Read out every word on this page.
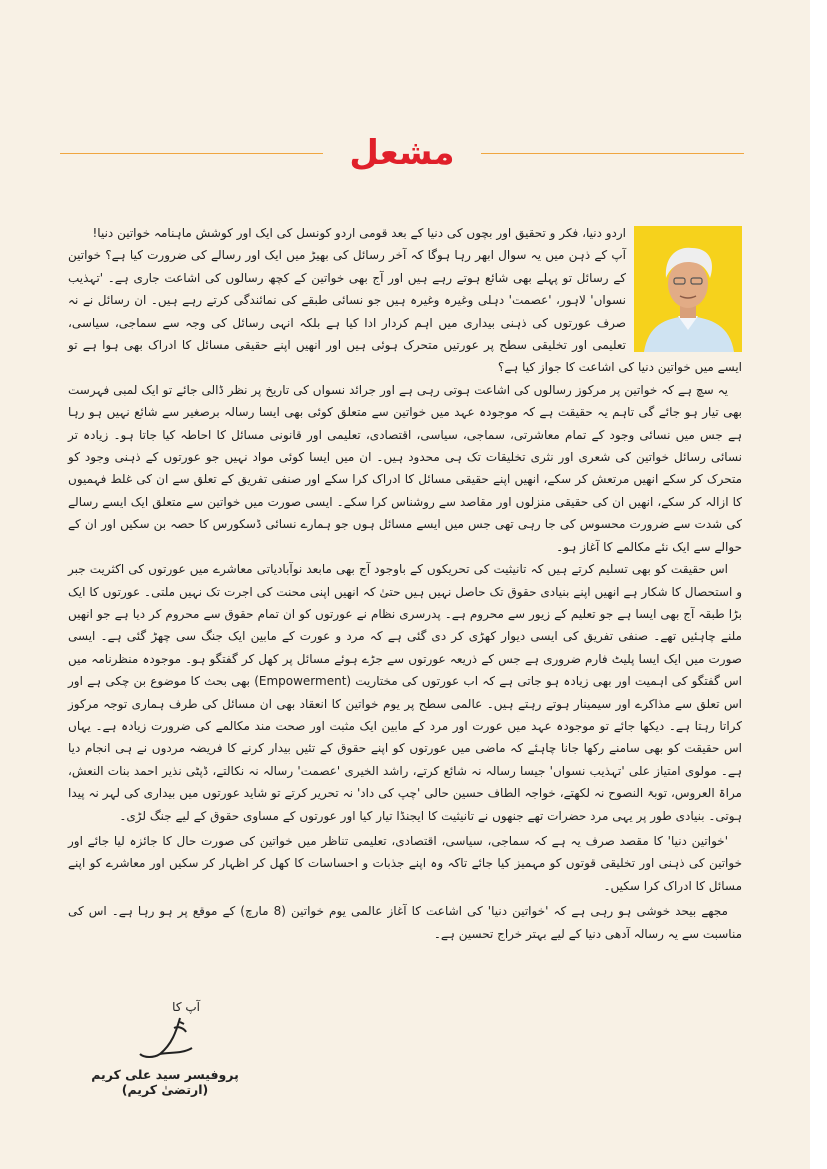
مشعل

اردو دنیا، فکر و تحقیق اور بچوں کی دنیا کے بعد قومی اردو کونسل کی ایک اور کوشش ماہنامہ خواتین دنیا!

آپ کے ذہن میں یہ سوال ابھر رہا ہوگا کہ آخر رسائل کی بھیڑ میں ایک اور رسالے کی ضرورت کیا ہے؟ خواتین کے رسائل تو پہلے بھی شائع ہوتے رہے ہیں اور آج بھی خواتین کے کچھ رسالوں کی اشاعت جاری ہے۔ 'تہذیب نسواں' لاہور، 'عصمت' دہلی وغیرہ وغیرہ ہیں جو نسائی طبقے کی نمائندگی کرتے رہے ہیں۔ ان رسائل نے نہ صرف عورتوں کی ذہنی بیداری میں اہم کردار ادا کیا ہے بلکہ انہی رسائل کی وجہ سے سماجی، سیاسی، تعلیمی اور تخلیقی سطح پر عورتیں متحرک ہوئی ہیں اور انھیں اپنے حقیقی مسائل کا ادراک بھی ہوا ہے تو ایسے میں خواتین دنیا کی اشاعت کا جواز کیا ہے؟

یہ سچ ہے کہ خواتین پر مرکوز رسالوں کی اشاعت ہوتی رہی ہے اور جرائد نسواں کی تاریخ پر نظر ڈالی جائے تو ایک لمبی فہرست بھی تیار ہو جائے گی تاہم یہ حقیقت ہے کہ موجودہ عہد میں خواتین سے متعلق کوئی بھی ایسا رسالہ برصغیر سے شائع نہیں ہو رہا ہے جس میں نسائی وجود کے تمام معاشرتی، سماجی، سیاسی، اقتصادی، تعلیمی اور قانونی مسائل کا احاطہ کیا جاتا ہو۔ زیادہ تر نسائی رسائل خواتین کی شعری اور نثری تخلیقات تک ہی محدود ہیں۔ ان میں ایسا کوئی مواد نہیں جو عورتوں کے ذہنی وجود کو متحرک کر سکے انھیں مرتعش کر سکے، انھیں اپنے حقیقی مسائل کا ادراک کرا سکے اور صنفی تفریق کے تعلق سے ان کی غلط فہمیوں کا ازالہ کر سکے، انھیں ان کی حقیقی منزلوں اور مقاصد سے روشناس کرا سکے۔ ایسی صورت میں خواتین سے متعلق ایک ایسے رسالے کی شدت سے ضرورت محسوس کی جا رہی تھی جس میں ایسے مسائل ہوں جو ہمارے نسائی ڈسکورس کا حصہ بن سکیں اور ان کے حوالے سے ایک نئے مکالمے کا آغاز ہو۔

اس حقیقت کو بھی تسلیم کرتے ہیں کہ تانیثیت کی تحریکوں کے باوجود آج بھی مابعد نوآبادیاتی معاشرے میں عورتوں کی اکثریت جبر و استحصال کا شکار ہے انھیں اپنے بنیادی حقوق تک حاصل نہیں ہیں حتیٰ کہ انھیں اپنی محنت کی اجرت تک نہیں ملتی۔ عورتوں کا ایک بڑا طبقہ آج بھی ایسا ہے جو تعلیم کے زیور سے محروم ہے۔ پدرسری نظام نے عورتوں کو ان تمام حقوق سے محروم کر دیا ہے جو انھیں ملنے چاہئیں تھے۔ صنفی تفریق کی ایسی دیوار کھڑی کر دی گئی ہے کہ مرد و عورت کے مابین ایک جنگ سی چھڑ گئی ہے۔ ایسی صورت میں ایک ایسا پلیٹ فارم ضروری ہے جس کے ذریعہ عورتوں سے جڑے ہوئے مسائل پر کھل کر گفتگو ہو۔ موجودہ منظرنامہ میں اس گفتگو کی اہمیت اور بھی زیادہ ہو جاتی ہے کہ اب عورتوں کی مختاریت (Empowerment) بھی بحث کا موضوع بن چکی ہے اور اس تعلق سے مذاکرے اور سیمینار ہوتے رہتے ہیں۔ عالمی سطح پر یوم خواتین کا انعقاد بھی ان مسائل کی طرف ہماری توجہ مرکوز کراتا رہتا ہے۔ دیکھا جائے تو موجودہ عہد میں عورت اور مرد کے مابین ایک مثبت اور صحت مند مکالمے کی ضرورت زیادہ ہے۔ یہاں اس حقیقت کو بھی سامنے رکھا جانا چاہئے کہ ماضی میں عورتوں کو اپنے حقوق کے تئیں بیدار کرنے کا فریضہ مردوں نے ہی انجام دیا ہے۔ مولوی امتیاز علی 'تہذیب نسواں' جیسا رسالہ نہ شائع کرتے، راشد الخیری 'عصمت' رسالہ نہ نکالتے، ڈپٹی نذیر احمد بنات النعش، مراۃ العروس، توبۃ النصوح نہ لکھتے، خواجہ الطاف حسین حالی 'چپ کی داد' نہ تحریر کرتے تو شاید عورتوں میں بیداری کی لہر نہ پیدا ہوتی۔ بنیادی طور پر یہی مرد حضرات تھے جنھوں نے تانیثیت کا ایجنڈا تیار کیا اور عورتوں کے مساوی حقوق کے لیے جنگ لڑی۔

'خواتین دنیا' کا مقصد صرف یہ ہے کہ سماجی، سیاسی، اقتصادی، تعلیمی تناظر میں خواتین کی صورت حال کا جائزہ لیا جائے اور خواتین کی ذہنی اور تخلیقی قوتوں کو مہمیز کیا جائے تاکہ وہ اپنے جذبات و احساسات کا کھل کر اظہار کر سکیں اور معاشرے کو اپنے مسائل کا ادراک کرا سکیں۔

مجھے بیحد خوشی ہو رہی ہے کہ 'خواتین دنیا' کی اشاعت کا آغاز عالمی یوم خواتین (8 مارچ) کے موقع پر ہو رہا ہے۔ اس کی مناسبت سے یہ رسالہ آدھی دنیا کے لیے بہتر خراج تحسین ہے۔

آپ کا
پروفیسر سید علی کریم (ارتضیٰ کریم)
